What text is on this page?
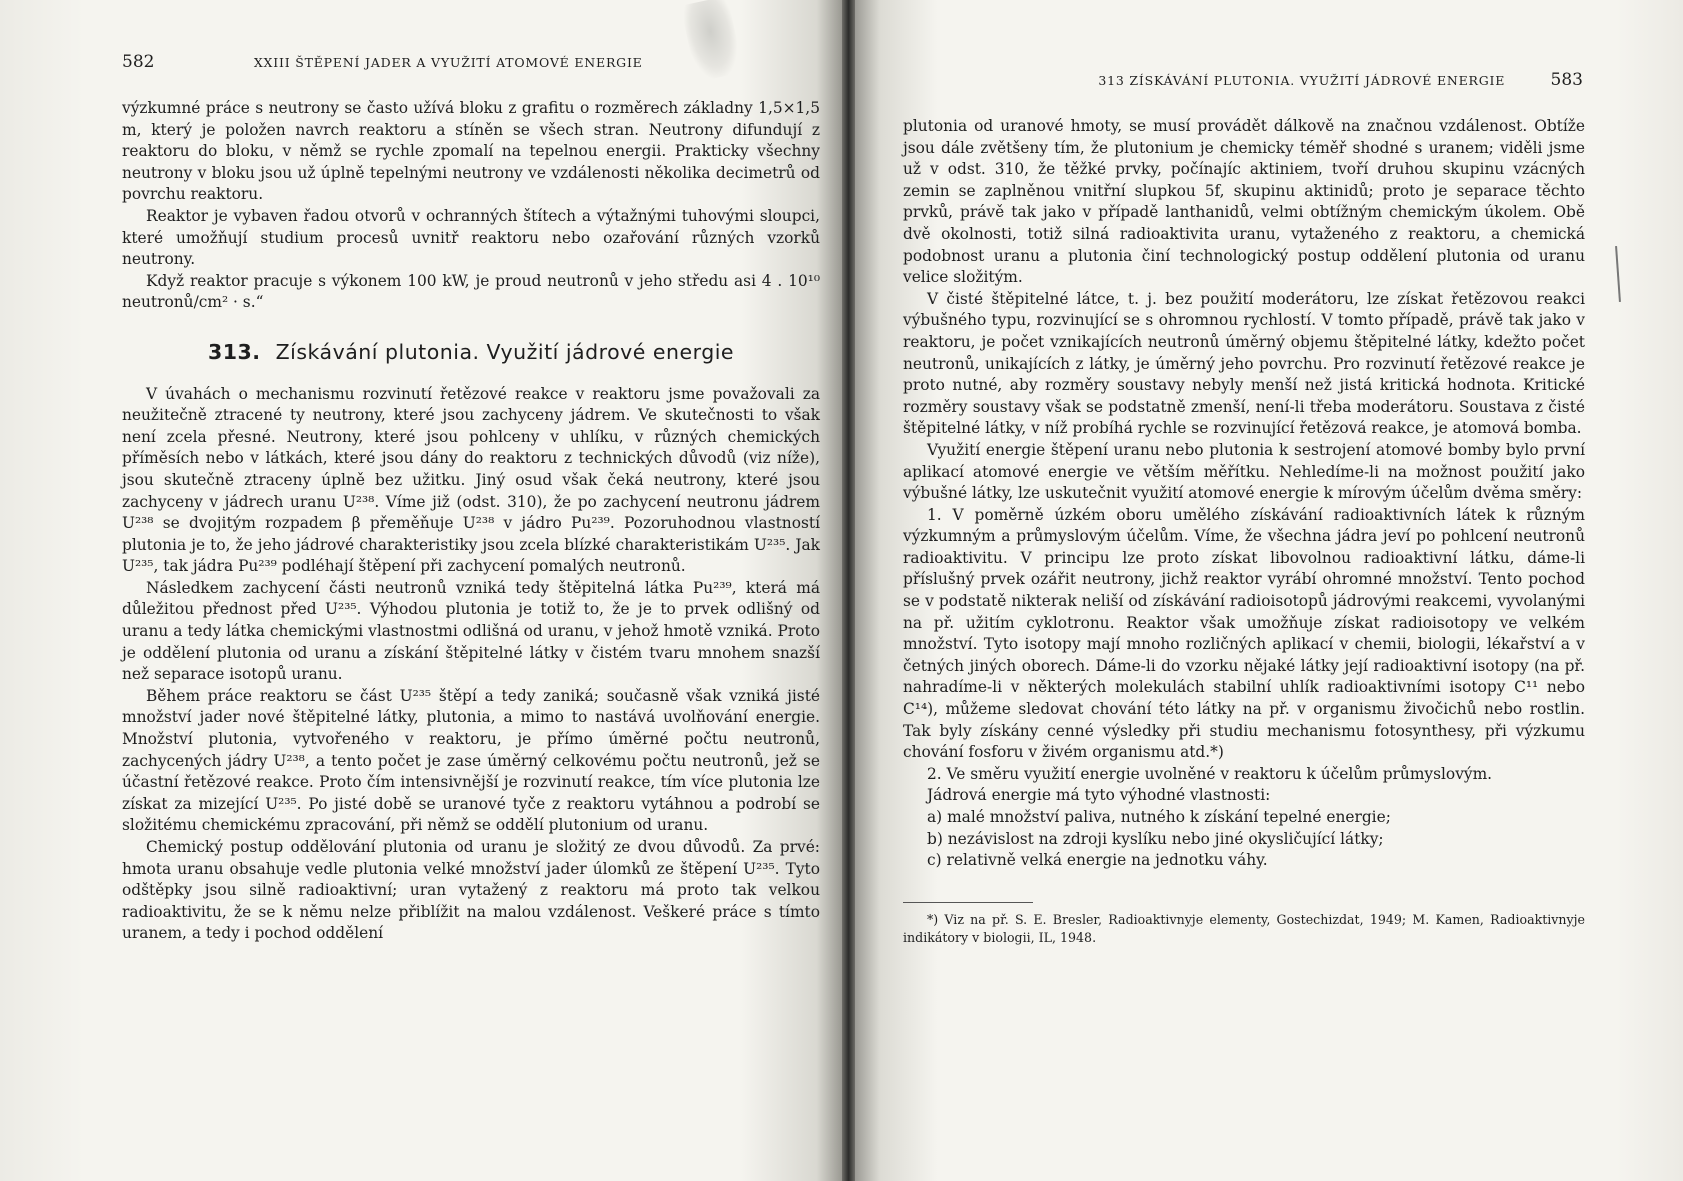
582	XXIII ŠTĚPENÍ JADER A VYUŽITÍ ATOMOVÉ ENERGIE

výzkumné práce s neutrony se často užívá bloku z grafitu o rozměrech základny 1,5×1,5 m, který je položen navrch reaktoru a stíněn se všech stran. Neutrony difundují z reaktoru do bloku, v němž se rychle zpomalí na tepelnou energii. Prakticky všechny neutrony v bloku jsou už úplně tepelnými neutrony ve vzdálenosti několika decimetrů od povrchu reaktoru.

Reaktor je vybaven řadou otvorů v ochranných štítech a výtažnými tuhovými sloupci, které umožňují studium procesů uvnitř reaktoru nebo ozařování různých vzorků neutrony.

Když reaktor pracuje s výkonem 100 kW, je proud neutronů v jeho středu asi 4 . 10¹⁰ neutronů/cm² · s.“

313. Získávání plutonia. Využití jádrové energie

V úvahách o mechanismu rozvinutí řetězové reakce v reaktoru jsme považovali za neužitečně ztracené ty neutrony, které jsou zachyceny jádrem. Ve skutečnosti to však není zcela přesné. Neutrony, které jsou pohlceny v uhlíku, v různých chemických příměsích nebo v látkách, které jsou dány do reaktoru z technických důvodů (viz níže), jsou skutečně ztraceny úplně bez užitku. Jiný osud však čeká neutrony, které jsou zachyceny v jádrech uranu U²³⁸. Víme již (odst. 310), že po zachycení neutronu jádrem U²³⁸ se dvojitým rozpadem β přeměňuje U²³⁸ v jádro Pu²³⁹. Pozoruhodnou vlastností plutonia je to, že jeho jádrové charakteristiky jsou zcela blízké charakteristikám U²³⁵. Jak U²³⁵, tak jádra Pu²³⁹ podléhají štěpení při zachycení pomalých neutronů.

Následkem zachycení části neutronů vzniká tedy štěpitelná látka Pu²³⁹, která má důležitou přednost před U²³⁵. Výhodou plutonia je totiž to, že je to prvek odlišný od uranu a tedy látka chemickými vlastnostmi odlišná od uranu, v jehož hmotě vzniká. Proto je oddělení plutonia od uranu a získání štěpitelné látky v čistém tvaru mnohem snazší než separace isotopů uranu.

Během práce reaktoru se část U²³⁵ štěpí a tedy zaniká; současně však vzniká jisté množství jader nové štěpitelné látky, plutonia, a mimo to nastává uvolňování energie. Množství plutonia, vytvořeného v reaktoru, je přímo úměrné počtu neutronů, zachycených jádry U²³⁸, a tento počet je zase úměrný celkovému počtu neutronů, jež se účastní řetězové reakce. Proto čím intensivnější je rozvinutí reakce, tím více plutonia lze získat za mizející U²³⁵. Po jisté době se uranové tyče z reaktoru vytáhnou a podrobí se složitému chemickému zpracování, při němž se oddělí plutonium od uranu.

Chemický postup oddělování plutonia od uranu je složitý ze dvou důvodů. Za prvé: hmota uranu obsahuje vedle plutonia velké množství jader úlomků ze štěpení U²³⁵. Tyto odštěpky jsou silně radioaktivní; uran vytažený z reaktoru má proto tak velkou radioaktivitu, že se k němu nelze přiblížit na malou vzdálenost. Veškeré práce s tímto uranem, a tedy i pochod oddělení

313 ZÍSKÁVÁNÍ PLUTONIA. VYUŽITÍ JÁDROVÉ ENERGIE	583

plutonia od uranové hmoty, se musí provádět dálkově na značnou vzdálenost. Obtíže jsou dále zvětšeny tím, že plutonium je chemicky téměř shodné s uranem; viděli jsme už v odst. 310, že těžké prvky, počínajíc aktiniem, tvoří druhou skupinu vzácných zemin se zaplněnou vnitřní slupkou 5f, skupinu aktinidů; proto je separace těchto prvků, právě tak jako v případě lanthanidů, velmi obtížným chemickým úkolem. Obě dvě okolnosti, totiž silná radioaktivita uranu, vytaženého z reaktoru, a chemická podobnost uranu a plutonia činí technologický postup oddělení plutonia od uranu velice složitým.

V čisté štěpitelné látce, t. j. bez použití moderátoru, lze získat řetězovou reakci výbušného typu, rozvinující se s ohromnou rychlostí. V tomto případě, právě tak jako v reaktoru, je počet vznikajících neutronů úměrný objemu štěpitelné látky, kdežto počet neutronů, unikajících z látky, je úměrný jeho povrchu. Pro rozvinutí řetězové reakce je proto nutné, aby rozměry soustavy nebyly menší než jistá kritická hodnota. Kritické rozměry soustavy však se podstatně zmenší, není-li třeba moderátoru. Soustava z čisté štěpitelné látky, v níž probíhá rychle se rozvinující řetězová reakce, je atomová bomba.

Využití energie štěpení uranu nebo plutonia k sestrojení atomové bomby bylo první aplikací atomové energie ve větším měřítku. Nehledíme-li na možnost použití jako výbušné látky, lze uskutečnit využití atomové energie k mírovým účelům dvěma směry:

1. V poměrně úzkém oboru umělého získávání radioaktivních látek k různým výzkumným a průmyslovým účelům. Víme, že všechna jádra jeví po pohlcení neutronů radioaktivitu. V principu lze proto získat libovolnou radioaktivní látku, dáme-li příslušný prvek ozářit neutrony, jichž reaktor vyrábí ohromné množství. Tento pochod se v podstatě nikterak neliší od získávání radioisotopů jádrovými reakcemi, vyvolanými na př. užitím cyklotronu. Reaktor však umožňuje získat radioisotopy ve velkém množství. Tyto isotopy mají mnoho rozličných aplikací v chemii, biologii, lékařství a v četných jiných oborech. Dáme-li do vzorku nějaké látky její radioaktivní isotopy (na př. nahradíme-li v některých molekulách stabilní uhlík radioaktivními isotopy C¹¹ nebo C¹⁴), můžeme sledovat chování této látky na př. v organismu živočichů nebo rostlin. Tak byly získány cenné výsledky při studiu mechanismu fotosynthesy, při výzkumu chování fosforu v živém organismu atd.*)
2. Ve směru využití energie uvolněné v reaktoru k účelům průmyslovým.

Jádrová energie má tyto výhodné vlastnosti:

a) malé množství paliva, nutného k získání tepelné energie;
b) nezávislost na zdroji kyslíku nebo jiné okysličující látky;
c) relativně velká energie na jednotku váhy.

*) Viz na př. S. E. Bresler, Radioaktivnyje elementy, Gostechizdat, 1949; M. Kamen, Radioaktivnyje indikátory v biologii, IL, 1948.
